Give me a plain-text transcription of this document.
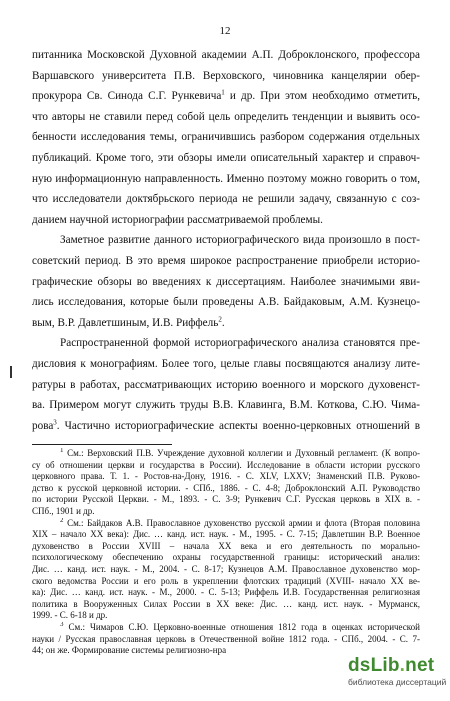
12
питанника Московской Духовной академии А.П. Доброклонского, профессора
Варшавского университета П.В. Верховского, чиновника канцелярии обер-
прокурора Св. Синода С.Г. Рункевича$^1$ и др. При этом необходимо отметить,
что авторы не ставили перед собой цель определить тенденции и выявить осо-
бенности исследования темы, ограничившись разбором содержания отдельных
публикаций. Кроме того, эти обзоры имели описательный характер и справоч-
ную информационную направленность. Именно поэтому можно говорить о том,
что исследователи доктябрьского периода не решили задачу, связанную с соз-
данием научной историографии рассматриваемой проблемы.
Заметное развитие данного историографического вида произошло в пост-
советский период. В это время широкое распространение приобрели историо-
графические обзоры во введениях к диссертациям. Наиболее значимыми яви-
лись исследования, которые были проведены А.В. Байдаковым, А.М. Кузнецо-
вым, В.Р. Давлетшиным, И.В. Риффель$^2$.
Распространенной формой историографического анализа становятся пре-
дисловия к монографиям. Более того, целые главы посвящаются анализу лите-
ратуры в работах, рассматривающих историю военного и морского духовенст-
ва. Примером могут служить труды В.В. Клавинга, В.М. Коткова, С.Ю. Чима-
рова$^3$. Частично историографические аспекты военно-церковных отношений в
$^1$ См.: Верховский П.В. Учреждение духовной коллегии и Духовный регламент. (К вопро-
су об отношении церкви и государства в России). Исследование в области истории русского
церковного права. Т. 1. - Ростов-на-Дону, 1916. - С. XLV, LXXV; Знаменский П.В. Руково-
дство к русской церковной истории. - СПб., 1886. - С. 4-8; Доброклонский А.П. Руководство
по истории Русской Церкви. - М., 1893. - С. 3-9; Рункевич С.Г. Русская церковь в XIX в. -
СПб., 1901 и др.
$^2$ См.: Байдаков А.В. Православное духовенство русской армии и флота (Вторая половина
XIX – начало XX века): Дис. … канд. ист. наук. - М., 1995. - С. 7-15; Давлетшин В.Р. Военное
духовенство в России XVIII – начала XX века и его деятельность по морально-
психологическому обеспечению охраны государственной границы: исторический анализ:
Дис. … канд. ист. наук. - М., 2004. - С. 8-17; Кузнецов А.М. Православное духовенство мор-
ского ведомства России и его роль в укреплении флотских традиций (XVIII- начало XX ве-
ка): Дис. … канд. ист. наук. - М., 2000. - С. 5-13; Риффель И.В. Государственная религиозная
политика в Вооруженных Силах России в XX веке: Дис. … канд. ист. наук. - Мурманск,
1999. - С. 6-18 и др.
$^3$ См.: Чимаров С.Ю. Церковно-военные отношения 1812 года в оценках исторической
науки / Русская православная церковь в Отечественной войне 1812 года. - СПб., 2004. - С. 7-
44; он же. Формирование системы религиозно-нра
dsLib.net
библиотека диссертаций
